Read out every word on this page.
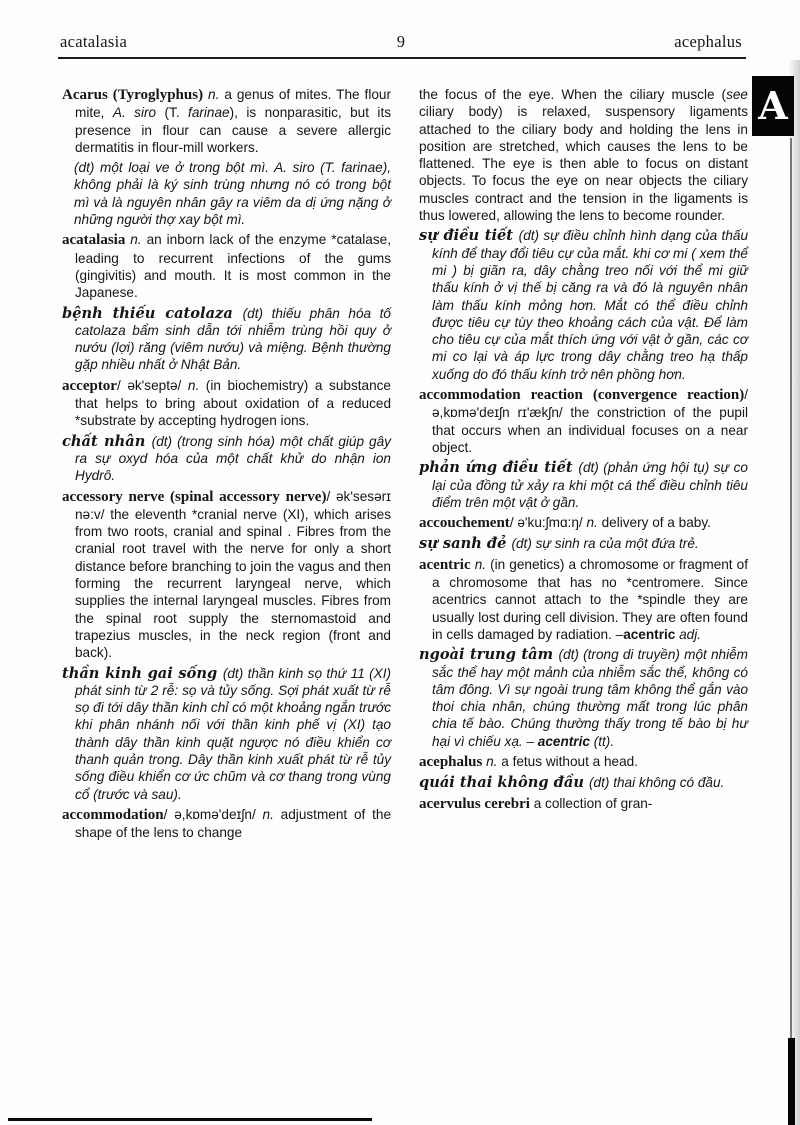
acatalasia	9	acephalus

Acarus (Tyroglyphus) n. a genus of mites. The flour mite, A. siro (T. farinae), is nonparasitic, but its presence in flour can cause a severe allergic dermatitis in flour-mill workers.

(dt) một loại ve ở trong bột mì. A. siro (T. farinae), không phải là ký sinh trùng nhưng nó có trong bột mì và là nguyên nhân gây ra viêm da dị ứng nặng ở những người thợ xay bột mì.

acatalasia n. an inborn lack of the enzyme *catalase, leading to recurrent infections of the gums (gingivitis) and mouth. It is most common in the Japanese.

bệnh thiếu catolaza (dt) thiếu phân hóa tố catolaza bẩm sinh dẫn tới nhiễm trùng hồi quy ở nướu (lợi) răng (viêm nướu) và miệng. Bệnh thường gặp nhiều nhất ở Nhật Bản.

acceptor/ ək'septə/ n. (in biochemistry) a substance that helps to bring about oxidation of a reduced *substrate by accepting hydrogen ions.

chất nhân (dt) (trong sinh hóa) một chất giúp gây ra sự oxyd hóa của một chất khử do nhận ion Hydrô.

accessory nerve (spinal accessory nerve)/ ək'sesərɪ nə:v/ the eleventh *cranial nerve (XI), which arises from two roots, cranial and spinal . Fibres from the cranial root travel with the nerve for only a short distance before branching to join the vagus and then forming the recurrent laryngeal nerve, which supplies the internal laryngeal muscles. Fibres from the spinal root supply the sternomastoid and trapezius muscles, in the neck region (front and back).

thần kinh gai sống (dt) thần kinh sọ thứ 11 (XI) phát sinh từ 2 rễ: sọ và tủy sống. Sợi phát xuất từ rễ sọ đi tới dây thần kinh chỉ có một khoảng ngắn trước khi phân nhánh nối với thần kinh phế vị (XI) tạo thành dây thần kinh quặt ngược nó điều khiển cơ thanh quản trong. Dây thần kinh xuất phát từ rễ tủy sống điều khiển cơ ức chũm và cơ thang trong vùng cổ (trước và sau).

accommodation/ ə,kɒmə'deɪʃn/ n. adjustment of the shape of the lens to change

the focus of the eye. When the ciliary muscle (see ciliary body) is relaxed, suspensory ligaments attached to the ciliary body and holding the lens in position are stretched, which causes the lens to be flattened. The eye is then able to focus on distant objects. To focus the eye on near objects the ciliary muscles contract and the tension in the ligaments is thus lowered, allowing the lens to become rounder.

sự điều tiết (dt) sự điều chỉnh hình dạng của thấu kính để thay đổi tiêu cự của mắt. khi cơ mi ( xem thể mi ) bị giãn ra, dây chằng treo nối với thể mi giữ thấu kính ở vị thế bị căng ra và đó là nguyên nhân làm thấu kính mỏng hơn. Mắt có thể điều chỉnh được tiêu cự tùy theo khoảng cách của vật. Để làm cho tiêu cự của mắt thích ứng với vật ở gần, các cơ mi co lại và áp lực trong dây chằng treo hạ thấp xuống do đó thấu kính trở nên phồng hơn.

accommodation reaction (convergence reaction)/ ə,kɒmə'deɪʃn rɪ'ækʃn/ the constriction of the pupil that occurs when an individual focuses on a near object.

phản ứng điều tiết (dt) (phản ứng hội tụ) sự co lại của đồng tử xảy ra khi một cá thể điều chỉnh tiêu điểm trên một vật ở gần.

accouchement/ ə'ku:ʃmɑ:ŋ/ n. delivery of a baby.

sự sanh đẻ (dt) sự sinh ra của một đứa trẻ.

acentric n. (in genetics) a chromosome or fragment of a chromosome that has no *centromere. Since acentrics cannot attach to the *spindle they are usually lost during cell division. They are often found in cells damaged by radiation. –acentric adj.

ngoài trung tâm (dt) (trong di truyền) một nhiễm sắc thể hay một mảnh của nhiễm sắc thể, không có tâm đông. Vì sự ngoài trung tâm không thể gắn vào thoi chia nhân, chúng thường mất trong lúc phân chia tế bào. Chúng thường thấy trong tế bào bị hư hại vì chiếu xạ. – acentric (tt).

acephalus n. a fetus without a head.

quái thai không đầu (dt) thai không có đầu.

acervulus cerebri a collection of gran-

A
